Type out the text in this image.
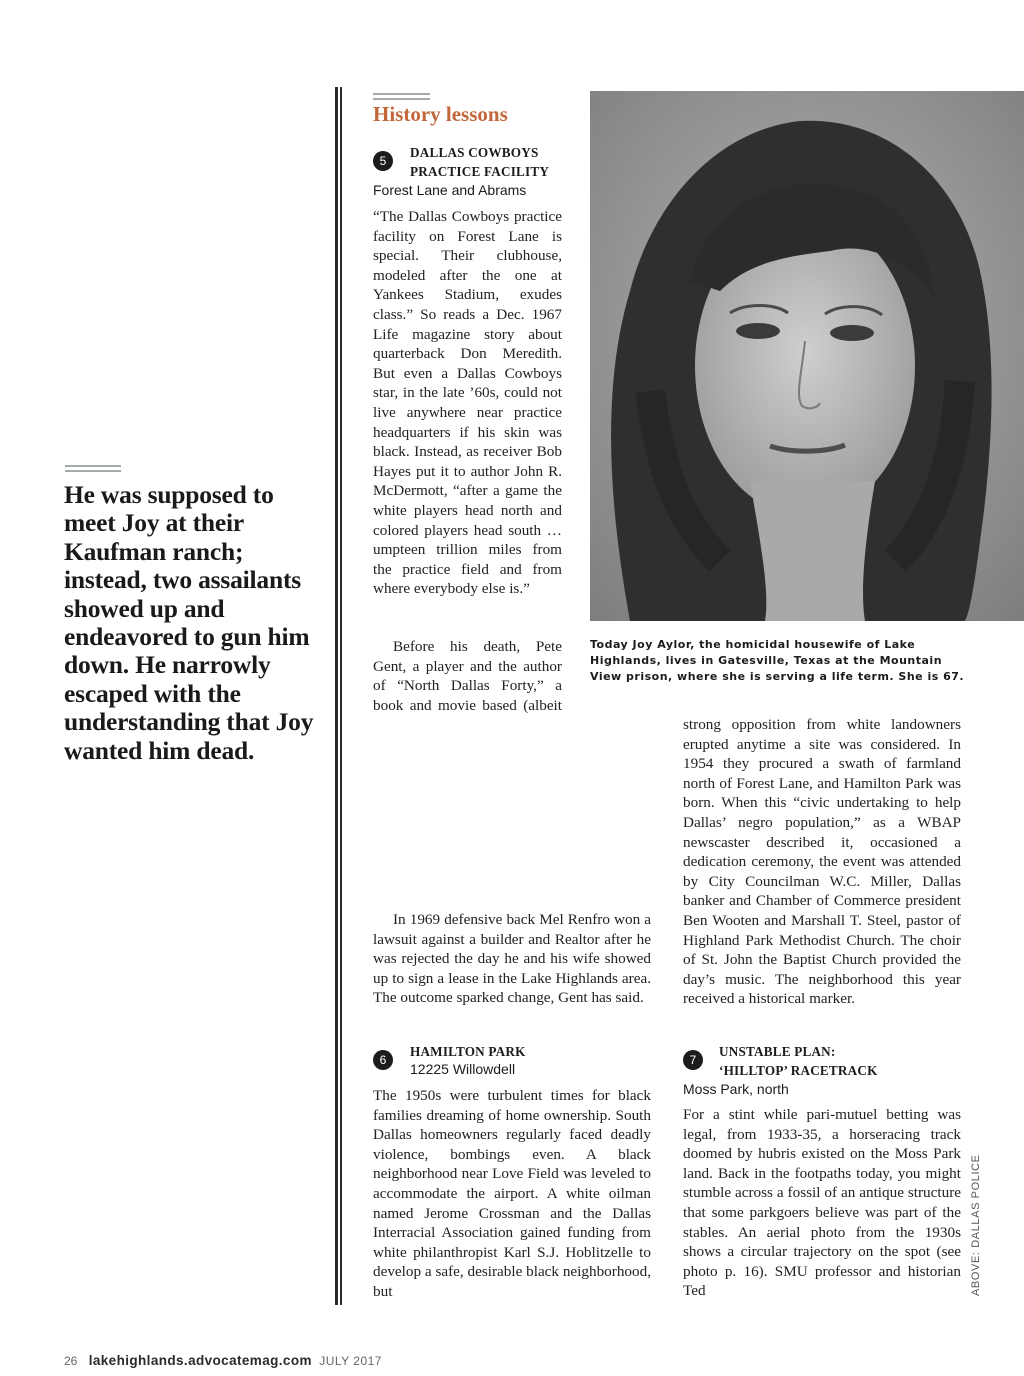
He was supposed to meet Joy at their Kaufman ranch; instead, two assailants showed up and endeavored to gun him down. He narrowly escaped with the understanding that Joy wanted him dead.
History lessons
5
DALLAS COWBOYS
PRACTICE FACILITY
Forest Lane and Abrams

“The Dallas Cowboys practice facility on Forest Lane is special. Their clubhouse, modeled after the one at Yankees Stadium, exudes class.” So reads a Dec. 1967 Life magazine story about quarterback Don Meredith. But even a Dallas Cowboys star, in the late ’60s, could not live anywhere near practice headquarters if his skin was black. Instead, as receiver Bob Hayes put it to author John R. McDermott, “after a game the white players head north and colored players head south … umpteen trillion miles from the practice field and from where everybody else is.”

Before his death, Pete Gent, a player and the author of “North Dallas Forty,” a book and movie based (albeit

In 1969 defensive back Mel Renfro won a lawsuit against a builder and Realtor after he was rejected the day he and his wife showed up to sign a lease in the Lake Highlands area. The outcome sparked change, Gent has said.

strong opposition from white landowners erupted anytime a site was considered. In 1954 they procured a swath of farmland north of Forest Lane, and Hamilton Park was born. When this “civic undertaking to help Dallas’ negro population,” as a WBAP newscaster described it, occasioned a dedication ceremony, the event was attended by City Councilman W.C. Miller, Dallas banker and Chamber of Commerce president Ben Wooten and Marshall T. Steel, pastor of Highland Park Methodist Church. The choir of St. John the Baptist Church provided the day’s music. The neighborhood this year received a historical marker.
6
HAMILTON PARK
12225 Willowdell
The 1950s were turbulent times for black families dreaming of home ownership. South Dallas homeowners regularly faced deadly violence, bombings even. A black neighborhood near Love Field was leveled to accommodate the airport. A white oilman named Jerome Crossman and the Dallas Interracial Association gained funding from white philanthropist Karl S.J. Hoblitzelle to develop a safe, desirable black neighborhood, but
7
UNSTABLE PLAN:
‘HILLTOP’ RACETRACK
Moss Park, north
For a stint while pari-mutuel betting was legal, from 1933-35, a horseracing track doomed by hubris existed on the Moss Park land. Back in the footpaths today, you might stumble across a fossil of an antique structure that some parkgoers believe was part of the stables. An aerial photo from the 1930s shows a circular trajectory on the spot (see photo p. 16). SMU professor and historian Ted
Today Joy Aylor, the homicidal housewife of Lake Highlands, lives in Gatesville, Texas at the Mountain View prison, where she is serving a life term. She is 67.
ABOVE: DALLAS POLICE
26 lakehighlands.advocatemag.com JULY 2017
